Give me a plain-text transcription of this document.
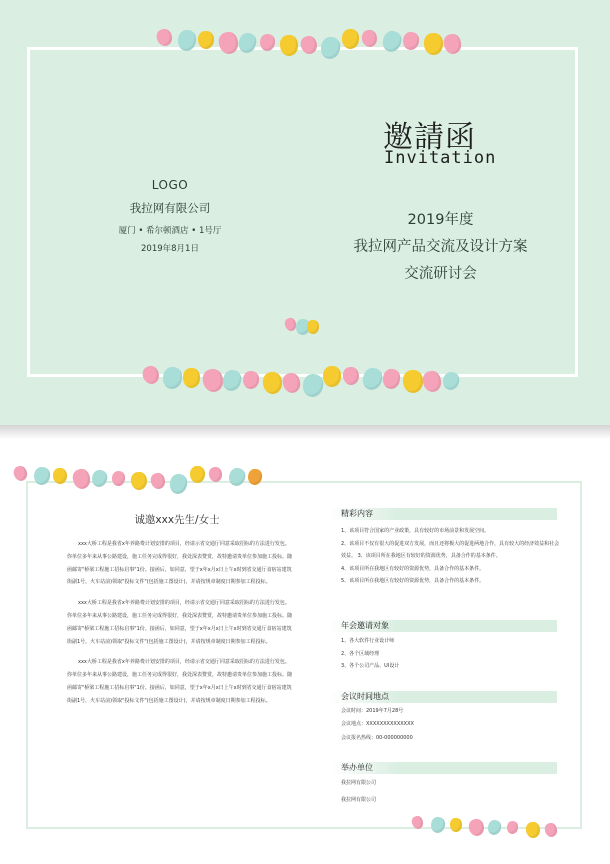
LOGO
我拉网有限公司
厦门 • 希尔顿酒店 • 1号厅
2019年8月1日
邀請函
Invitation
2019年度
我拉网产品交流及设计方案
交流研讨会
诚邀xxx先生/女士

xxx大桥工程是我省x年养路费计划安排的项目，经请示省交通厅同意采取招标的方法进行发包。你单位多年来从事公路建设，施工任务完成得很好，我处深表赞赏，故特邀请贵单位参加施工投标。随函邮寄"桥梁工程施工招标启事"1份。接函后，如同意，望于x年x月x日上午x时到省交通厅食宿站建筑街副1号，火车站前)领取"投标文件"(包括施工图设计)，并请按规章制度日期参加工程投标。

xxx大桥工程是我省x年养路费计划安排的项目，经请示省交通厅同意采取招标的方法进行发包。你单位多年来从事公路建设，施工任务完成得很好，我处深表赞赏，故特邀请贵单位参加施工投标。随函邮寄"桥梁工程施工招标启事"1份。接函后，如同意，望于x年x月x日上午x时到省交通厅食宿站建筑街副1号，火车站前)领取"投标文件"(包括施工图设计)，并请按规章制度日期参加工程投标。

xxx大桥工程是我省x年养路费计划安排的项目，经请示省交通厅同意采取招标的方法进行发包。你单位多年来从事公路建设，施工任务完成得很好，我处深表赞赏，故特邀请贵单位参加施工投标。随函邮寄"桥梁工程施工招标启事"1份。接函后，如同意，望于x年x月x日上午x时到省交通厅食宿站建筑街副1号，火车站前)领取"投标文件"(包括施工图设计)，并请按规章制度日期参加工程投标。

精彩内容

1、该项目符合国家的产业政策，具有较好的市场前景和发展空间。

2、该项目不仅有很大的促进双方发展，而且还将极大的促进两地合作，具有较大的经济效益和社会效益。 3、该项目所在我地区有较好的资源优势，具备合作的基本条件。

4、该项目所在我地区有较好的资源优势，具备合作的基本条件。

5、该项目所在我地区有较好的资源优势，具备合作的基本条件。

年会邀请对象

1、各大软件行业设计师

2、各个区域经理

3、各个公司产品、UI设计

会议时间地点

会议时间：2019年7月28号

会议地点：XXXXXXXXXXXXXX

会议报名热线：00-000000000

举办单位

我拉网有限公司

我拉网有限公司
